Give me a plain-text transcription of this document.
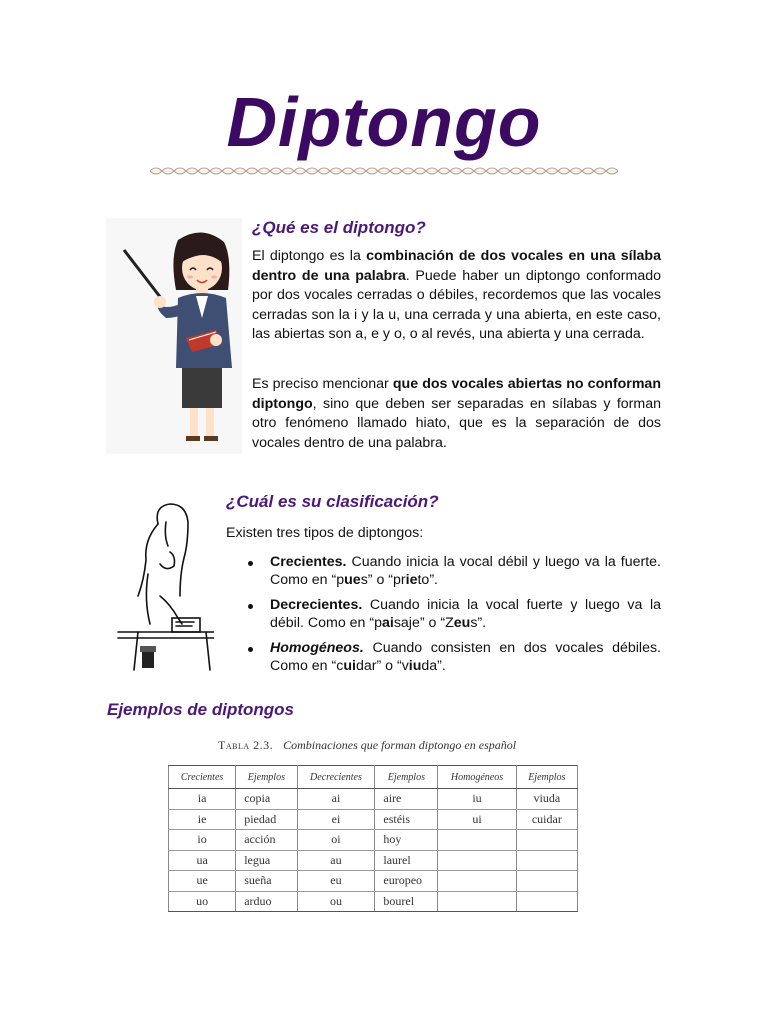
Diptongo
¿Qué es el diptongo?
El diptongo es la combinación de dos vocales en una sílaba dentro de una palabra. Puede haber un diptongo conformado por dos vocales cerradas o débiles, recordemos que las vocales cerradas son la i y la u, una cerrada y una abierta, en este caso, las abiertas son a, e y o, o al revés, una abierta y una cerrada.
Es preciso mencionar que dos vocales abiertas no conforman diptongo, sino que deben ser separadas en sílabas y forman otro fenómeno llamado hiato, que es la separación de dos vocales dentro de una palabra.
¿Cuál es su clasificación?
Existen tres tipos de diptongos:
Crecientes. Cuando inicia la vocal débil y luego va la fuerte. Como en “pues” o “prieto”.
Decrecientes. Cuando inicia la vocal fuerte y luego va la débil. Como en “paisaje” o “Zeus”.
Homogéneos. Cuando consisten en dos vocales débiles. Como en “cuidar” o “viuda”.
Ejemplos de diptongos
Tabla 2.3. Combinaciones que forman diptongo en español
Crecientes	Ejemplos	Decrecientes	Ejemplos	Homogéneos	Ejemplos
ia	copia	ai	aire	iu	viuda
ie	piedad	ei	estéis	ui	cuidar
io	acción	oi	hoy		
ua	legua	au	laurel		
ue	sueña	eu	europeo		
uo	arduo	ou	bourel		
